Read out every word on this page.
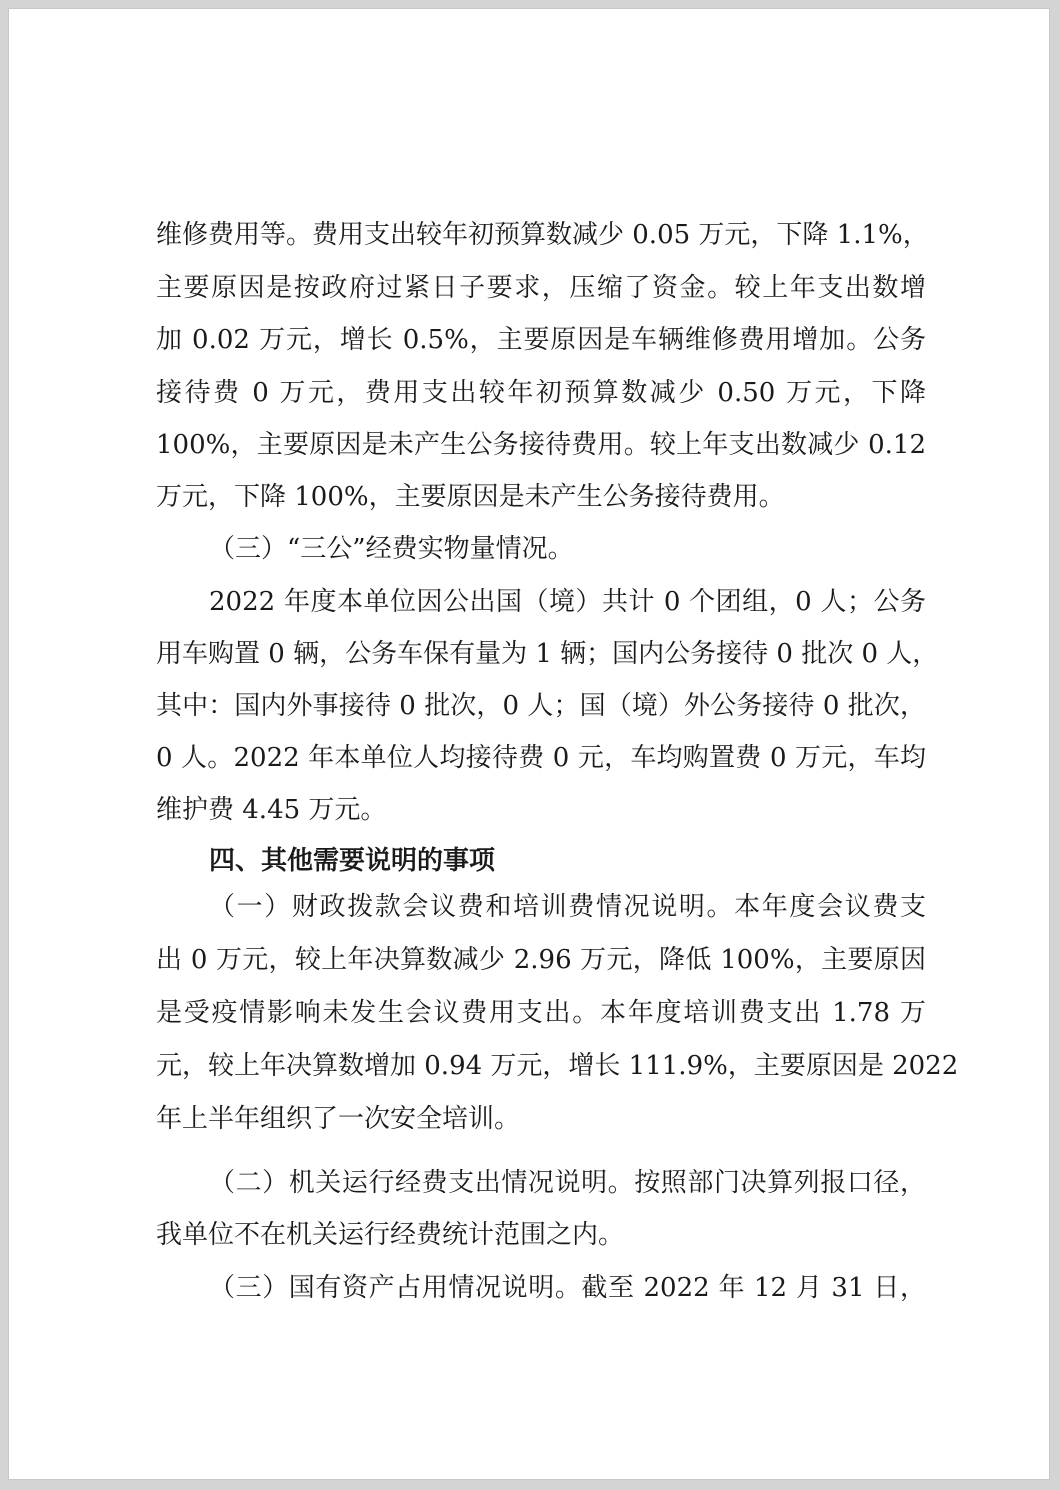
维修费用等。费用支出较年初预算数减少 0.05 万元，下降 1.1%，
主要原因是按政府过紧日子要求，压缩了资金。较上年支出数增
加 0.02 万元，增长 0.5%，主要原因是车辆维修费用增加。公务
接待费 0 万元，费用支出较年初预算数减少 0.50 万元，下降
100%，主要原因是未产生公务接待费用。较上年支出数减少 0.12
万元，下降 100%，主要原因是未产生公务接待费用。
（三）“三公”经费实物量情况。
2022 年度本单位因公出国（境）共计 0 个团组，0 人；公务
用车购置 0 辆，公务车保有量为 1 辆；国内公务接待 0 批次 0 人，
其中：国内外事接待 0 批次，0 人；国（境）外公务接待 0 批次，
0 人。2022 年本单位人均接待费 0 元，车均购置费 0 万元，车均
维护费 4.45 万元。
四、其他需要说明的事项
（一）财政拨款会议费和培训费情况说明。本年度会议费支
出 0 万元，较上年决算数减少 2.96 万元，降低 100%，主要原因
是受疫情影响未发生会议费用支出。本年度培训费支出 1.78 万
元，较上年决算数增加 0.94 万元，增长 111.9%，主要原因是 2022
年上半年组织了一次安全培训。
（二）机关运行经费支出情况说明。按照部门决算列报口径，
我单位不在机关运行经费统计范围之内。
（三）国有资产占用情况说明。截至 2022 年 12 月 31 日，
